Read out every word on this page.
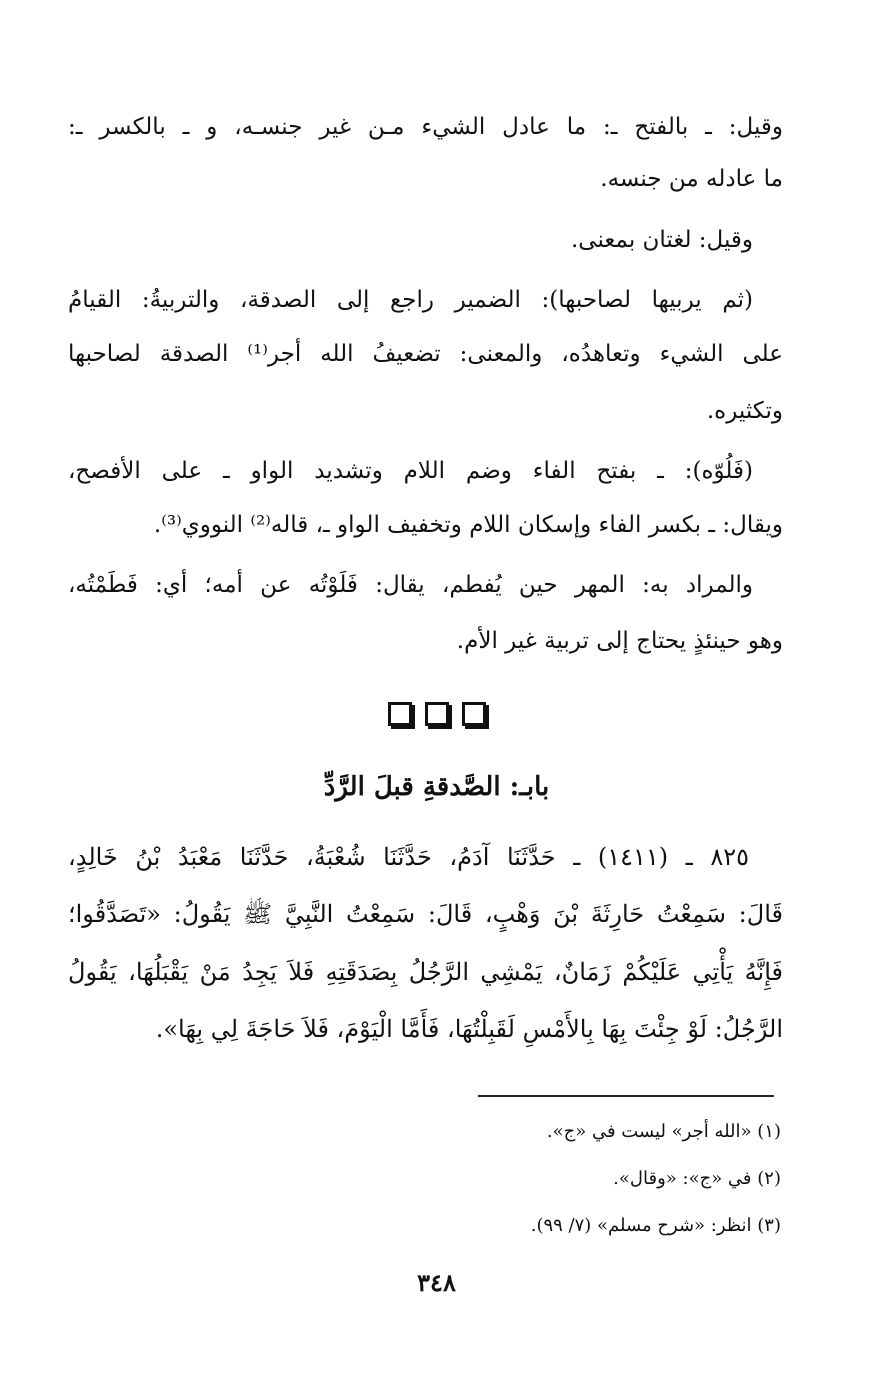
وقيل: ـ بالفتح ـ: ما عادل الشيء مـن غير جنسـه، و ـ بالكسر ـ:
ما عادله من جنسه.
وقيل: لغتان بمعنى.
(ثم يربيها لصاحبها): الضمير راجع إلى الصدقة، والتربيةُ: القيامُ
على الشيء وتعاهدُه، والمعنى: تضعيفُ الله أجر⁽¹⁾ الصدقة لصاحبها
وتكثيره.
(فَلُوّه): ـ بفتح الفاء وضم اللام وتشديد الواو ـ على الأفصح،
ويقال: ـ بكسر الفاء وإسكان اللام وتخفيف الواو ـ، قاله⁽²⁾ النووي⁽³⁾.
والمراد به: المهر حين يُفطم، يقال: فَلَوْتُه عن أمه؛ أي: فَطَمْتُه،
وهو حينئذٍ يحتاج إلى تربية غير الأم.
بابـ: الصَّدقةِ قبلَ الرَّدِّ
٨٢٥ ـ (١٤١١) ـ حَدَّثَنَا آدَمُ، حَدَّثَنَا شُعْبَةُ، حَدَّثَنَا مَعْبَدُ بْنُ خَالِدٍ،
قَالَ: سَمِعْتُ حَارِثَةَ بْنَ وَهْبٍ، قَالَ: سَمِعْتُ النَّبِيَّ ﷺ يَقُولُ: «تَصَدَّقُوا؛
فَإِنَّهُ يَأْتِي عَلَيْكُمْ زَمَانٌ، يَمْشِي الرَّجُلُ بِصَدَقَتِهِ فَلاَ يَجِدُ مَنْ يَقْبَلُهَا، يَقُولُ
الرَّجُلُ: لَوْ جِئْتَ بِهَا بِالأَمْسِ لَقَبِلْتُهَا، فَأَمَّا الْيَوْمَ، فَلاَ حَاجَةَ لِي بِهَا».
(١) «الله أجر» ليست في «ج».
(٢) في «ج»: «وقال».
(٣) انظر: «شرح مسلم» (٧/ ٩٩).
٣٤٨
